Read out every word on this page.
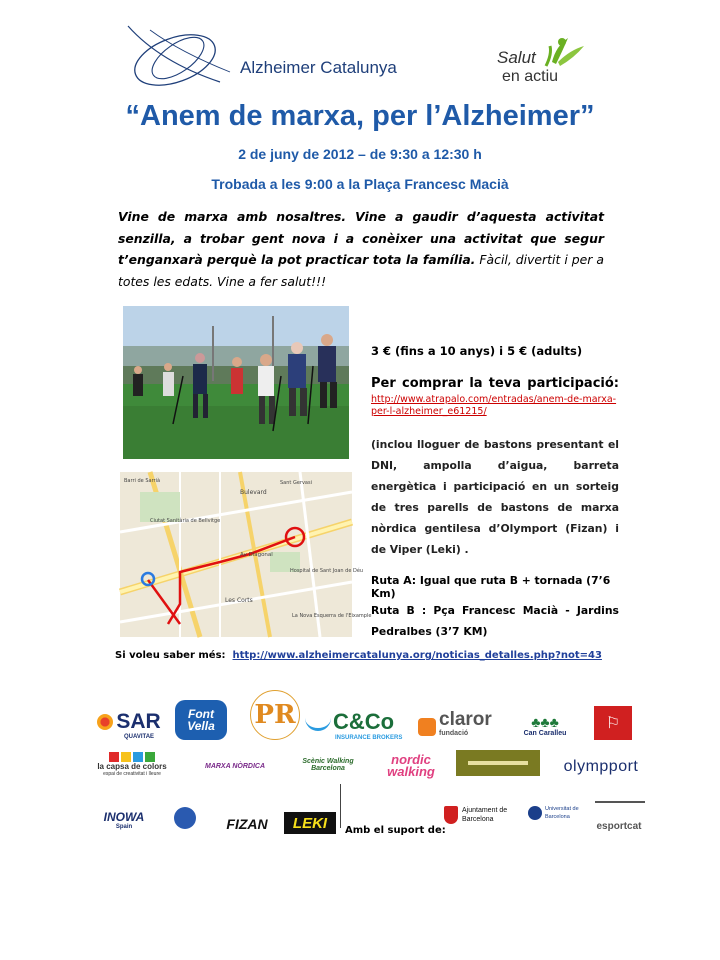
Alzheimer Catalunya
Salut
en actiu
“Anem de marxa, per l’Alzheimer”
2 de juny de 2012 – de 9:30 a 12:30 h
Trobada a les 9:00 a la Plaça Francesc Macià
Vine de marxa amb nosaltres. Vine a gaudir d’aquesta activitat senzilla, a trobar gent nova i a conèixer una activitat que segur t’enganxarà perquè la pot practicar tota la família. Fàcil, divertit i per a totes les edats. Vine a fer salut!!!
Bulevard
Ciutat Sanitària de Bellvitge
Av Diagonal
Les Corts
Hospital de Sant Joan de Déu
La Nova Esquerra de l'Eixample
Sant Gervasi
Barri de Sarrià
3 € (fins a 10 anys) i 5 € (adults)
Per comprar la teva participació:
http://www.atrapalo.com/entradas/anem-de-marxa-per-l-alzheimer_e61215/
(inclou lloguer de bastons presentant el DNI, ampolla d’aigua, barreta energètica i participació en un sorteig de tres parells de bastons de marxa nòrdica gentilesa d’Olymport (Fizan) i de Viper (Leki) .
Ruta A: Igual que ruta B + tornada (7’6 Km)
Ruta B : Pça Francesc Macià - Jardins Pedralbes (3’7 KM)
Si voleu saber més: http://www.alzheimercatalunya.org/noticias_detalles.php?not=43
SAR
QUAVITAE
Font Vella	PR C&Co
INSURANCE BROKERS
claror
fundació
♣♣♣
Can Caralleu
⚐
la capsa de colors
espai de creativitat i lleure
MARXA NÒRDICA
Scènic Walking Barcelona
nordic walking	olympport
INOWA
Spain	FIZAN LEKI Amb el suport de:
Ajuntament de Barcelona
Universitat de Barcelona
esportcat
